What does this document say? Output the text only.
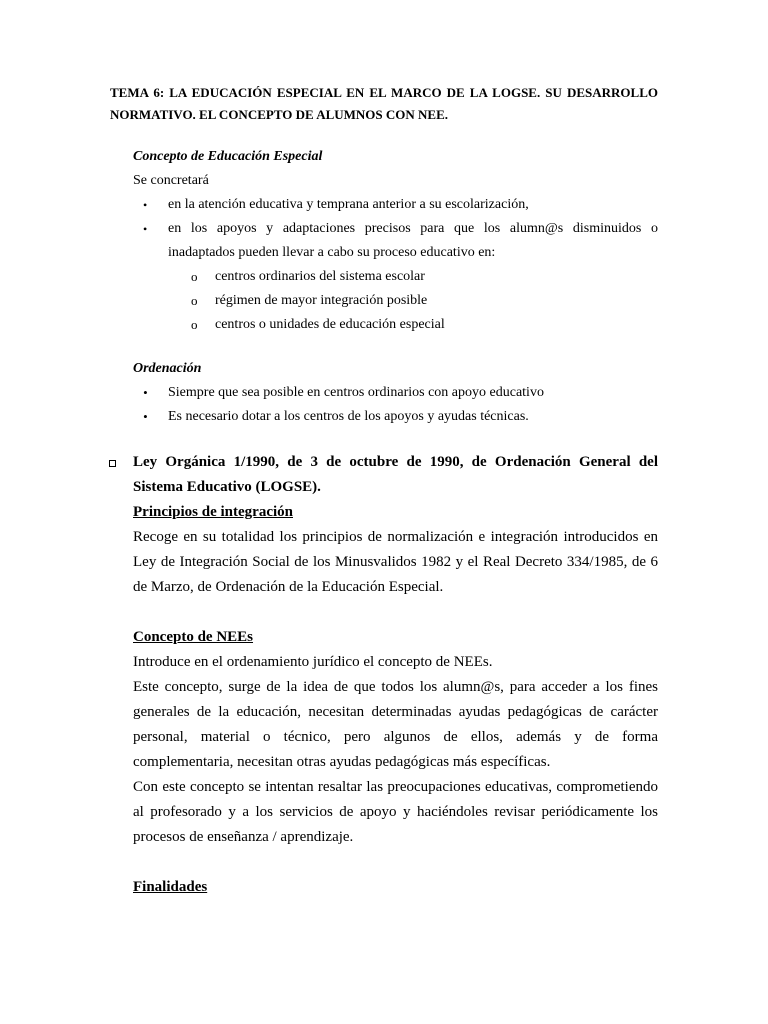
TEMA 6: LA EDUCACIÓN ESPECIAL EN EL MARCO DE LA LOGSE. SU DESARROLLO NORMATIVO. EL CONCEPTO DE ALUMNOS CON NEE.
Concepto de Educación Especial
Se concretará
• en la atención educativa y temprana anterior a su escolarización,
• en los apoyos y adaptaciones precisos para que los alumn@s disminuidos o inadaptados pueden llevar a cabo su proceso educativo en:
o centros ordinarios del sistema escolar
o régimen de mayor integración posible
o centros o unidades de educación especial
Ordenación
• Siempre que sea posible en centros ordinarios con apoyo educativo
• Es necesario dotar a los centros de los apoyos y ayudas técnicas.
Ley Orgánica 1/1990, de 3 de octubre de 1990, de Ordenación General del Sistema Educativo (LOGSE).
Principios de integración
Recoge en su totalidad los principios de normalización e integración introducidos en Ley de Integración Social de los Minusvalidos 1982 y el Real Decreto 334/1985, de 6 de Marzo, de Ordenación de la Educación Especial.
Concepto de NEEs
Introduce en el ordenamiento jurídico el concepto de NEEs.
Este concepto, surge de la idea de que todos los alumn@s, para acceder a los fines generales de la educación, necesitan determinadas ayudas pedagógicas de carácter personal, material o técnico, pero algunos de ellos, además y de forma complementaria, necesitan otras ayudas pedagógicas más específicas.
Con este concepto se intentan resaltar las preocupaciones educativas, comprometiendo al profesorado y a los servicios de apoyo y haciéndoles revisar periódicamente los procesos de enseñanza / aprendizaje.
Finalidades
